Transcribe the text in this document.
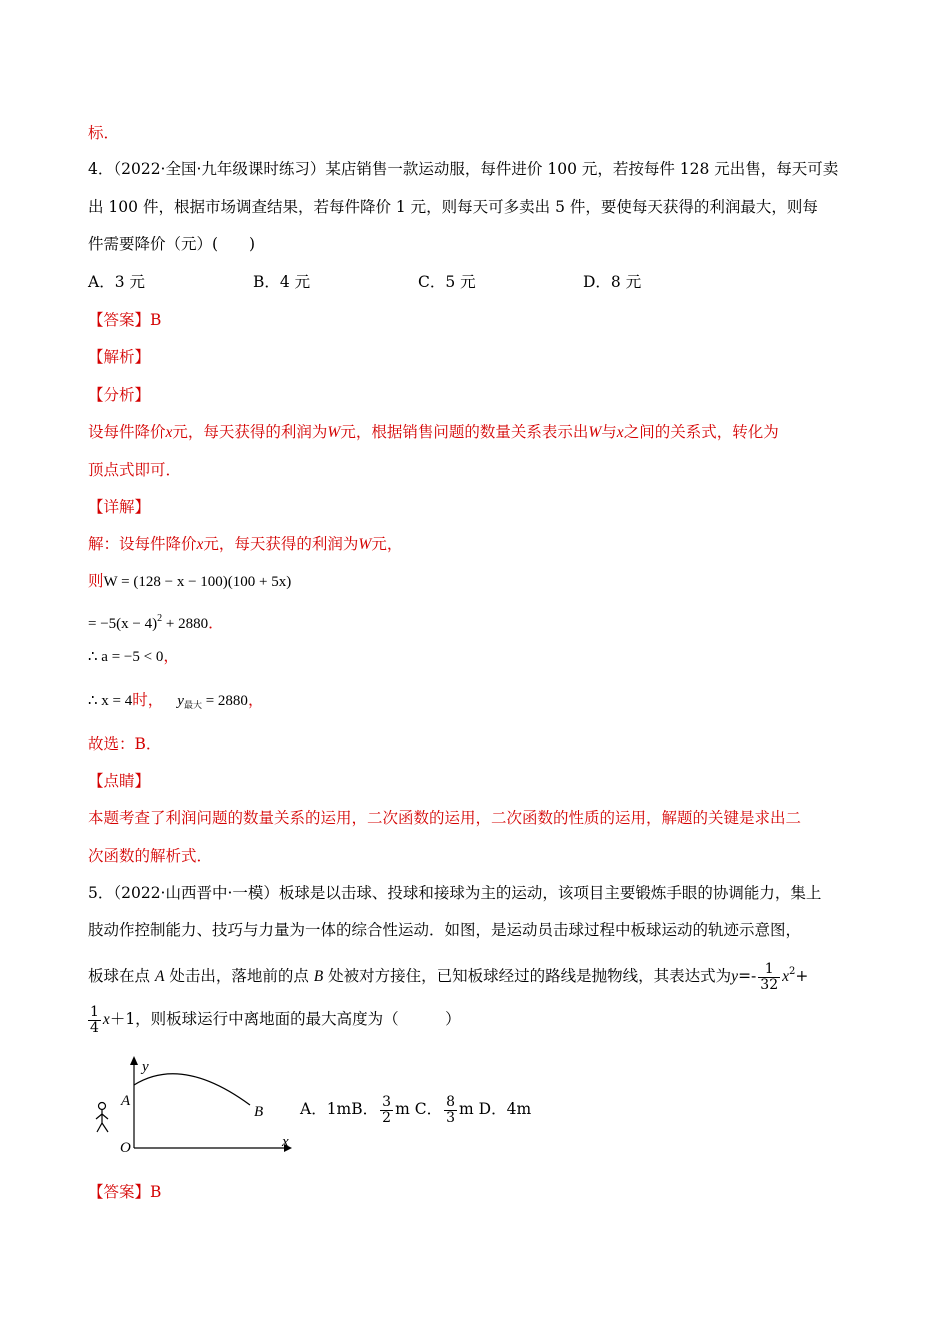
标．
4．（2022·全国·九年级课时练习）某店销售一款运动服，每件进价 100 元，若按每件 128 元出售，每天可卖
出 100 件，根据市场调查结果，若每件降价 1 元，则每天可多卖出 5 件，要使每天获得的利润最大，则每
件需要降价（元）(　　)
A．3 元	B．4 元	C．5 元	D．8 元
【答案】B
【解析】
【分析】
设每件降价x元，每天获得的利润为W元，根据销售问题的数量关系表示出W与x之间的关系式，转化为
顶点式即可．
【详解】
解：设每件降价x元，每天获得的利润为W元，
则W = (128 − x − 100)(100 + 5x)
= $-5(x - 4)^2 + 2880$．
∴ a = −5 < 0，
∴ x = 4时， $y_{最大} = 2880$，
故选：B．
【点睛】
本题考查了利润问题的数量关系的运用，二次函数的运用，二次函数的性质的运用，解题的关键是求出二
次函数的解析式．
5．（2022·山西晋中·一模）板球是以击球、投球和接球为主的运动，该项目主要锻炼手眼的协调能力，集上
肢动作控制能力、技巧与力量为一体的综合性运动．如图，是运动员击球过程中板球运动的轨迹示意图，
板球在点 A 处击出，落地前的点 B 处被对方接住，已知板球经过的路线是抛物线，其表达式为$y=- \frac{1}{32} x^2+$
$\frac{1}{4} x+1$，则板球运行中离地面的最大高度为（　　　）
y
x
O
A
B A．1mB． $\frac{3}{2}$ m C． $\frac{8}{3}$ m D．4m
【答案】B
